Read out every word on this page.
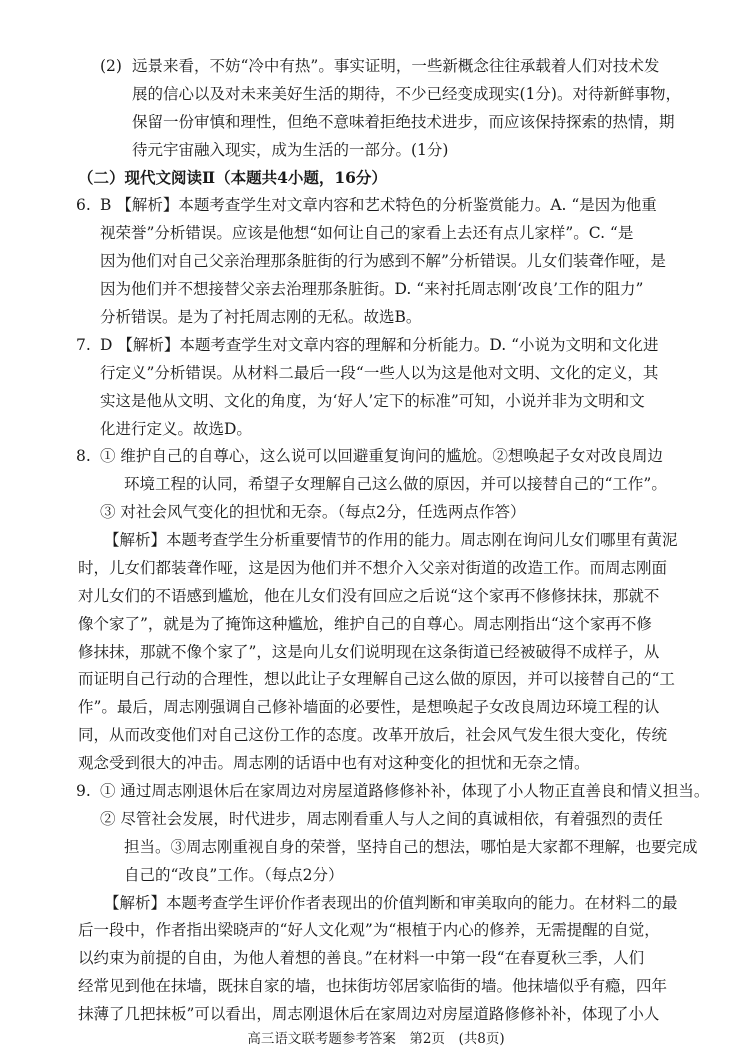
(2) 远景来看，不妨“冷中有热”。事实证明，一些新概念往往承载着人们对技术发
展的信心以及对未来美好生活的期待，不少已经变成现实(1分)。对待新鲜事物，
保留一份审慎和理性，但绝不意味着拒绝技术进步，而应该保持探索的热情，期
待元宇宙融入现实，成为生活的一部分。(1分)
（二）现代文阅读Ⅱ（本题共4小题，16分）
6. B 【解析】本题考查学生对文章内容和艺术特色的分析鉴赏能力。A. “是因为他重
视荣誉”分析错误。应该是他想“如何让自己的家看上去还有点儿家样”。C. “是
因为他们对自己父亲治理那条脏街的行为感到不解”分析错误。儿女们装聋作哑，是
因为他们并不想接替父亲去治理那条脏街。D. “来衬托周志刚‘改良’工作的阻力”
分析错误。是为了衬托周志刚的无私。故选B。
7. D 【解析】本题考查学生对文章内容的理解和分析能力。D. “小说为文明和文化进
行定义”分析错误。从材料二最后一段“一些人以为这是他对文明、文化的定义，其
实这是他从文明、文化的角度，为‘好人’定下的标准”可知，小说并非为文明和文
化进行定义。故选D。
8. ① 维护自己的自尊心，这么说可以回避重复询问的尴尬。②想唤起子女对改良周边
环境工程的认同，希望子女理解自己这么做的原因，并可以接替自己的“工作”。
③ 对社会风气变化的担忧和无奈。（每点2分，任选两点作答）
【解析】本题考查学生分析重要情节的作用的能力。周志刚在询问儿女们哪里有黄泥
时，儿女们都装聋作哑，这是因为他们并不想介入父亲对街道的改造工作。而周志刚面
对儿女们的不语感到尴尬，他在儿女们没有回应之后说“这个家再不修修抹抹，那就不
像个家了”，就是为了掩饰这种尴尬，维护自己的自尊心。周志刚指出“这个家再不修
修抹抹，那就不像个家了”，这是向儿女们说明现在这条街道已经被破得不成样子，从
而证明自己行动的合理性，想以此让子女理解自己这么做的原因，并可以接替自己的“工
作”。最后，周志刚强调自己修补墙面的必要性，是想唤起子女改良周边环境工程的认
同，从而改变他们对自己这份工作的态度。改革开放后，社会风气发生很大变化，传统
观念受到很大的冲击。周志刚的话语中也有对这种变化的担忧和无奈之情。
9. ① 通过周志刚退休后在家周边对房屋道路修修补补，体现了小人物正直善良和情义担当。
② 尽管社会发展，时代进步，周志刚看重人与人之间的真诚相依，有着强烈的责任
担当。③周志刚重视自身的荣誉，坚持自己的想法，哪怕是大家都不理解，也要完成
自己的“改良”工作。（每点2分）
【解析】本题考查学生评价作者表现出的价值判断和审美取向的能力。在材料二的最
后一段中，作者指出梁晓声的“好人文化观”为“根植于内心的修养，无需提醒的自觉，
以约束为前提的自由，为他人着想的善良。”在材料一中第一段“在春夏秋三季，人们
经常见到他在抹墙，既抹自家的墙，也抹街坊邻居家临街的墙。他抹墙似乎有瘾，四年
抹薄了几把抹板”可以看出，周志刚退休后在家周边对房屋道路修修补补，体现了小人
高三语文联考题参考答案　第2页　(共8页)
